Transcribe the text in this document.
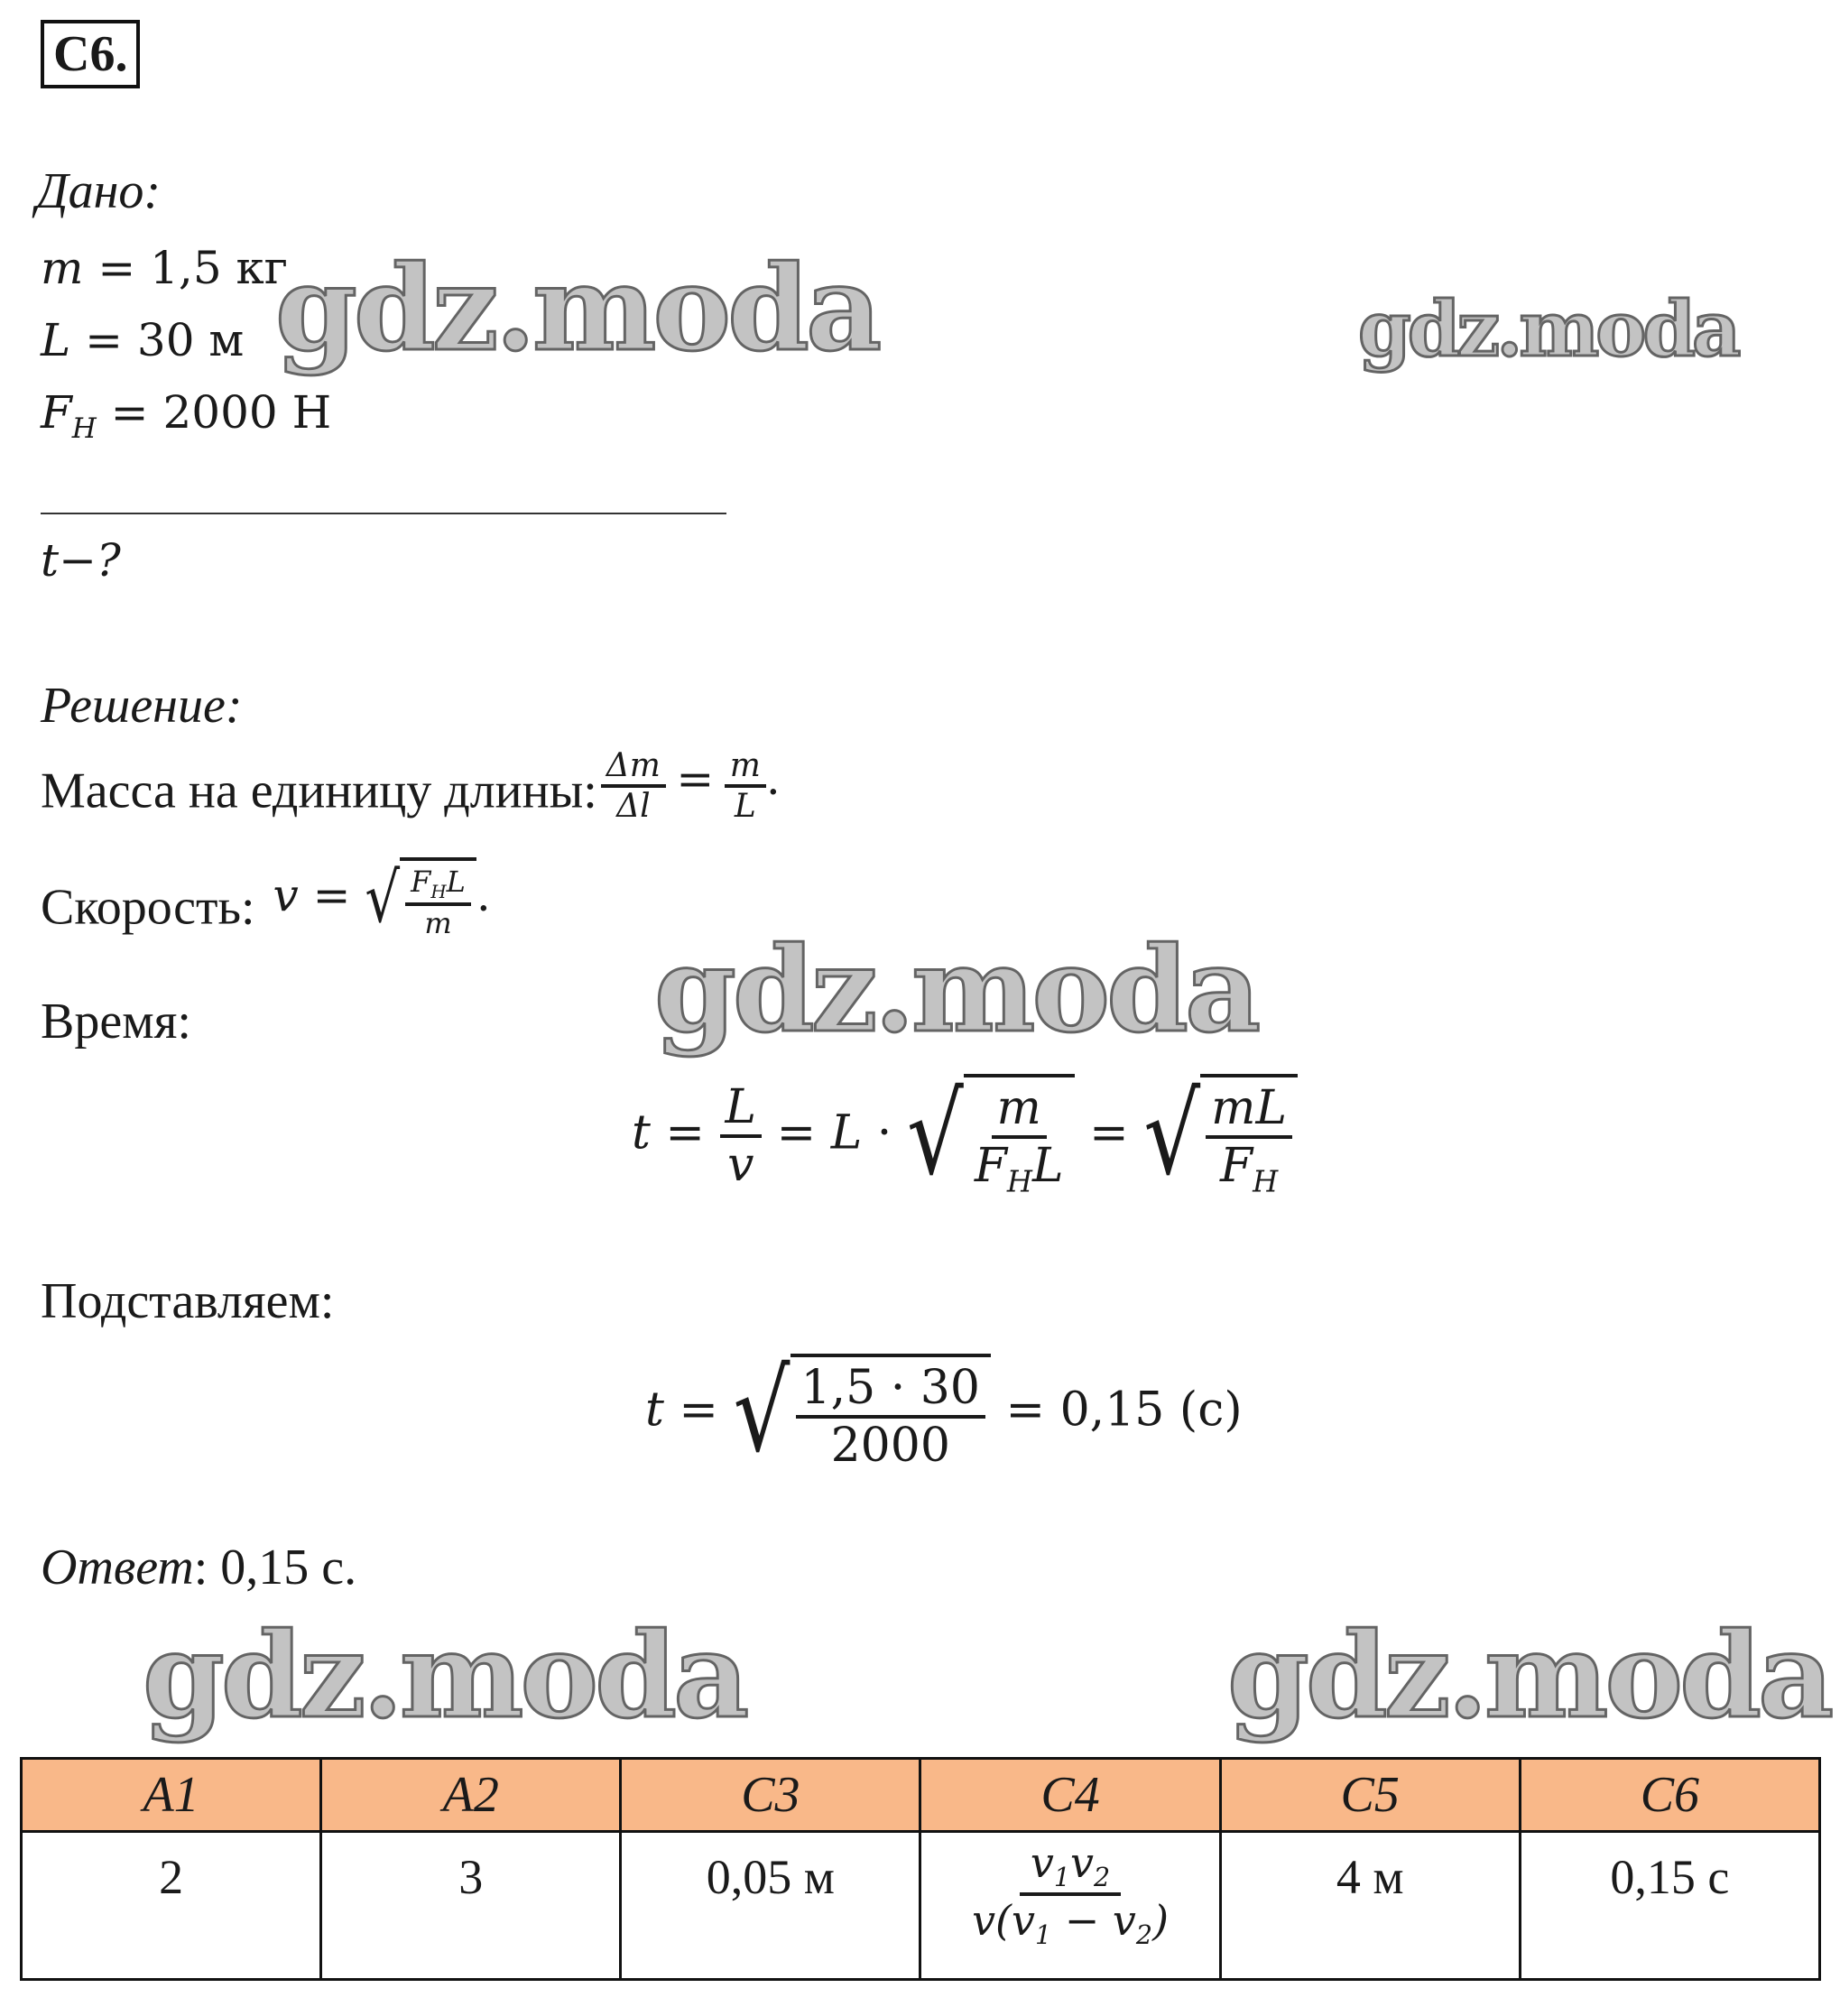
С6.
Дано:
m = 1,5 кг
L = 30 м
$F_H = 2000$ Н
t−?
Решение:
Масса на единицу длины: $\frac{\Delta m}{\Delta l} = \frac{m}{L}$ .
Скорость:  v = √ $\frac{F_HL}{m}$ .
Время:
$t = \frac{L}{v} = L$ · √ $\frac{m}{F_HL}$ = √ $\frac{mL}{F_H}$
Подставляем:
t = √ $\frac{1,5 \cdot 30}{2000} = 0,15$ (с)
Ответ: 0,15 с.
gdz.moda	gdz.moda
gdz.moda
gdz.moda	gdz.moda
А1	А2	С3	С4	С5	С6
2	3	0,05 м	$\frac{v_1v_2}{v(v_1 - v_2)}$	4 м	0,15 с
